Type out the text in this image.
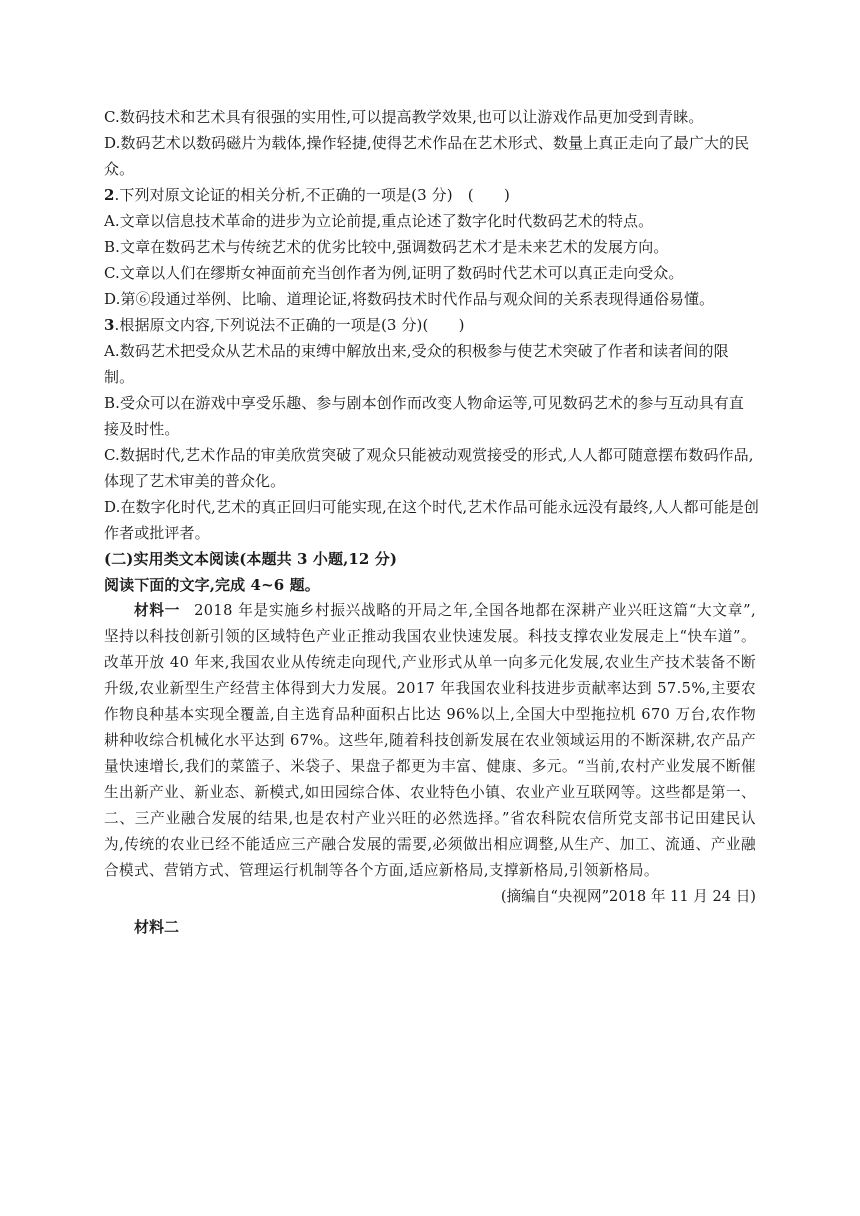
C.数码技术和艺术具有很强的实用性,可以提高教学效果,也可以让游戏作品更加受到青睐。
D.数码艺术以数码磁片为载体,操作轻捷,使得艺术作品在艺术形式、数量上真正走向了最广大的民
众。
2.下列对原文论证的相关分析,不正确的一项是(3 分)　(　　)
A.文章以信息技术革命的进步为立论前提,重点论述了数字化时代数码艺术的特点。
B.文章在数码艺术与传统艺术的优劣比较中,强调数码艺术才是未来艺术的发展方向。
C.文章以人们在缪斯女神面前充当创作者为例,证明了数码时代艺术可以真正走向受众。
D.第⑥段通过举例、比喻、道理论证,将数码技术时代作品与观众间的关系表现得通俗易懂。
3.根据原文内容,下列说法不正确的一项是(3 分)(　　)
A.数码艺术把受众从艺术品的束缚中解放出来,受众的积极参与使艺术突破了作者和读者间的限
制。
B.受众可以在游戏中享受乐趣、参与剧本创作而改变人物命运等,可见数码艺术的参与互动具有直
接及时性。
C.数据时代,艺术作品的审美欣赏突破了观众只能被动观赏接受的形式,人人都可随意摆布数码作品,
体现了艺术审美的普众化。
D.在数字化时代,艺术的真正回归可能实现,在这个时代,艺术作品可能永远没有最终,人人都可能是创
作者或批评者。
(二)实用类文本阅读(本题共 3 小题,12 分)
阅读下面的文字,完成 4~6 题。
材料一 2018 年是实施乡村振兴战略的开局之年,全国各地都在深耕产业兴旺这篇“大文章”,坚持以科技创新引领的区域特色产业正推动我国农业快速发展。科技支撑农业发展走上“快车道”。改革开放 40 年来,我国农业从传统走向现代,产业形式从单一向多元化发展,农业生产技术装备不断升级,农业新型生产经营主体得到大力发展。2017 年我国农业科技进步贡献率达到 57.5%,主要农作物良种基本实现全覆盖,自主选育品种面积占比达 96%以上,全国大中型拖拉机 670 万台,农作物耕种收综合机械化水平达到 67%。这些年,随着科技创新发展在农业领域运用的不断深耕,农产品产量快速增长,我们的菜篮子、米袋子、果盘子都更为丰富、健康、多元。“当前,农村产业发展不断催生出新产业、新业态、新模式,如田园综合体、农业特色小镇、农业产业互联网等。这些都是第一、二、三产业融合发展的结果,也是农村产业兴旺的必然选择。”省农科院农信所党支部书记田建民认为,传统的农业已经不能适应三产融合发展的需要,必须做出相应调整,从生产、加工、流通、产业融合模式、营销方式、管理运行机制等各个方面,适应新格局,支撑新格局,引领新格局。
(摘编自“央视网”2018 年 11 月 24 日)
材料二
